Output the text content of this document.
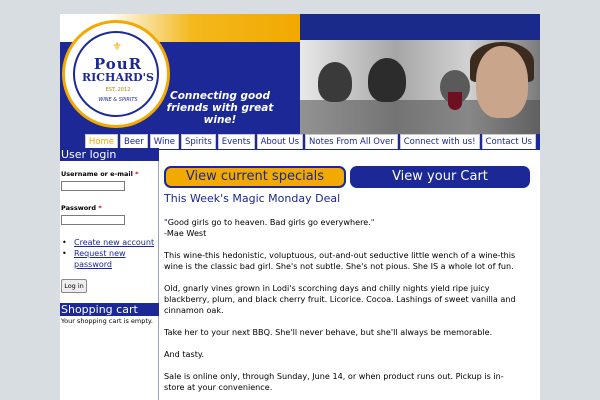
⚜
PouR
RICHARD'S
EST. 2012
WINE & SPIRITS	Connecting good
friends with great wine!
Home	Beer	Wine	Spirits	Events	About Us	Notes From All Over	Connect with us!	Contact Us
User login
Username or e-mail *
Password *
• Create new account
• Request new
password
Log in
Shopping cart
Your shopping cart is empty.
View current specials	View your Cart
This Week's Magic Monday Deal
"Good girls go to heaven. Bad girls go everywhere."
-Mae West
This wine-this hedonistic, voluptuous, out-and-out seductive little wench of a wine-this
wine is the classic bad girl. She's not subtle. She's not pious. She IS a whole lot of fun.
Old, gnarly vines grown in Lodi's scorching days and chilly nights yield ripe juicy
blackberry, plum, and black cherry fruit. Licorice. Cocoa. Lashings of sweet vanilla and
cinnamon oak.
Take her to your next BBQ. She'll never behave, but she'll always be memorable.
And tasty.
Sale is online only, through Sunday, June 14, or when product runs out. Pickup is in-
store at your convenience.
